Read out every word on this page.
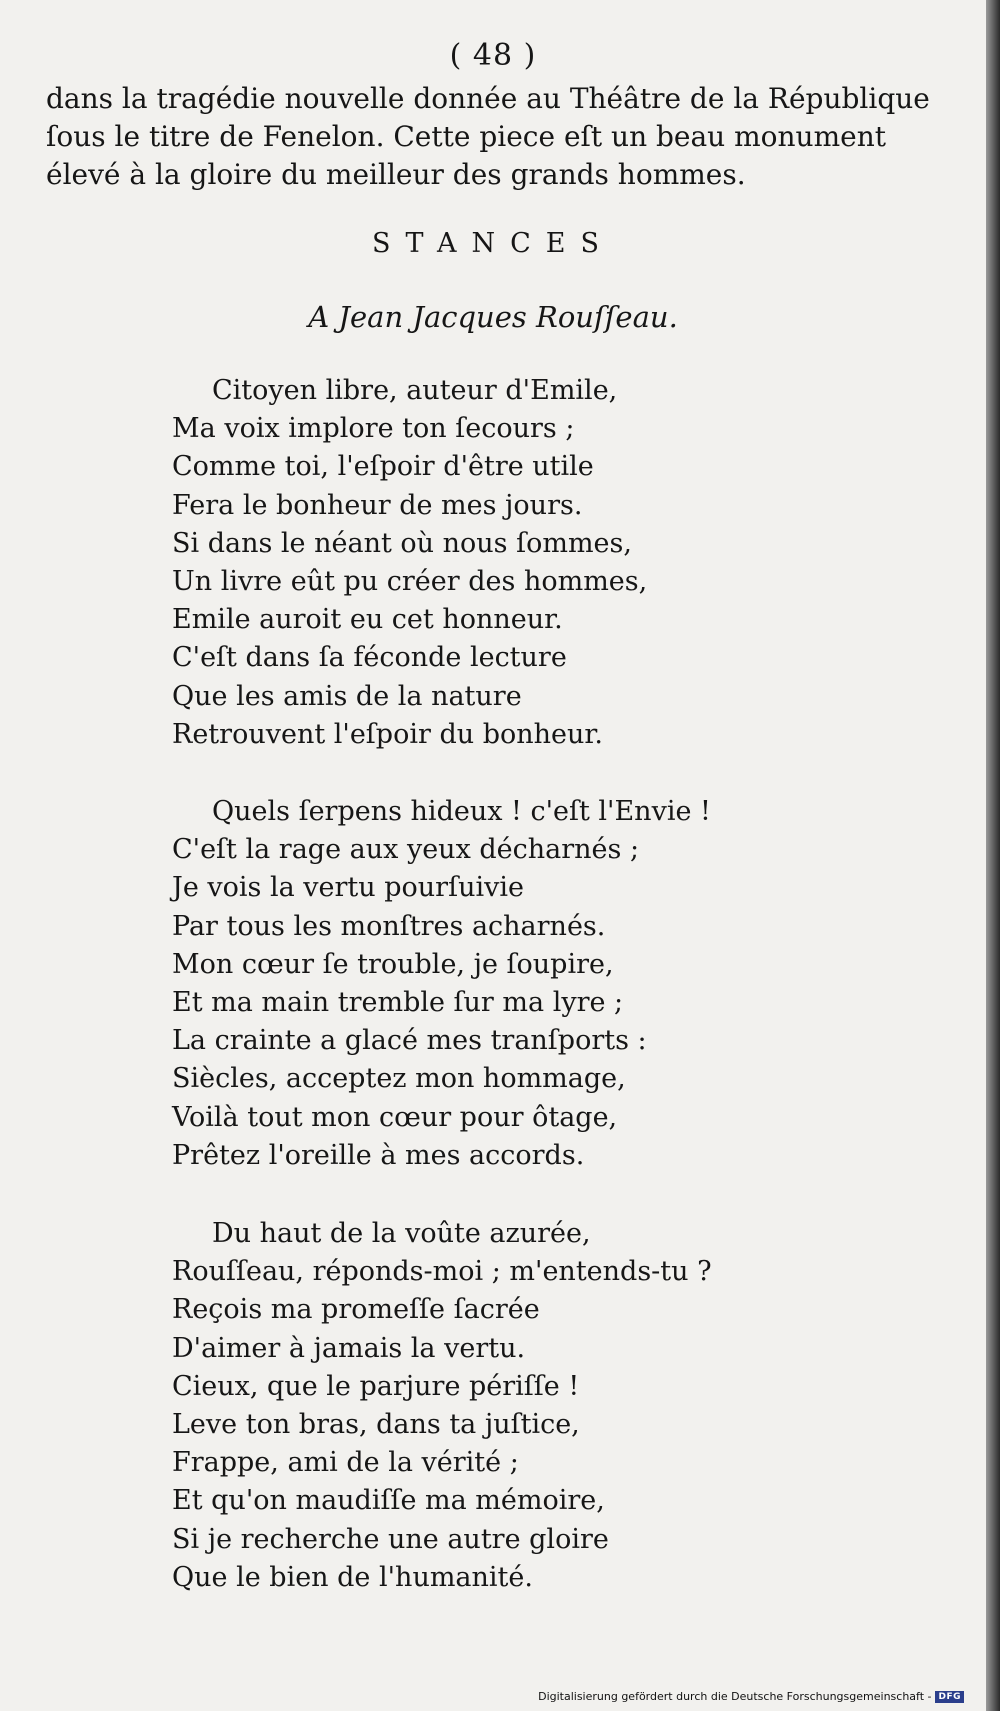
( 48 )

dans la tragédie nouvelle donnée au Théâtre de la République

ſous le titre de Fenelon. Cette piece eſt un beau monument

élevé à la gloire du meilleur des grands hommes.

STANCES
A Jean Jacques Rouſſeau.
Citoyen libre, auteur d'Emile,
Ma voix implore ton ſecours ;
Comme toi, l'eſpoir d'être utile
Fera le bonheur de mes jours.
Si dans le néant où nous ſommes,
Un livre eût pu créer des hommes,
Emile auroit eu cet honneur.
C'eſt dans ſa féconde lecture
Que les amis de la nature
Retrouvent l'eſpoir du bonheur.
Quels ſerpens hideux ! c'eſt l'Envie !
C'eſt la rage aux yeux décharnés ;
Je vois la vertu pourſuivie
Par tous les monſtres acharnés.
Mon cœur ſe trouble, je ſoupire,
Et ma main tremble ſur ma lyre ;
La crainte a glacé mes tranſports :
Siècles, acceptez mon hommage,
Voilà tout mon cœur pour ôtage,
Prêtez l'oreille à mes accords.
Du haut de la voûte azurée,
Rouſſeau, réponds-moi ; m'entends-tu ?
Reçois ma promeſſe ſacrée
D'aimer à jamais la vertu.
Cieux, que le parjure périſſe !
Leve ton bras, dans ta juſtice,
Frappe, ami de la vérité ;
Et qu'on maudiſſe ma mémoire,
Si je recherche une autre gloire
Que le bien de l'humanité.
Digitalisierung gefördert durch die Deutsche Forschungsgemeinschaft - DFG
